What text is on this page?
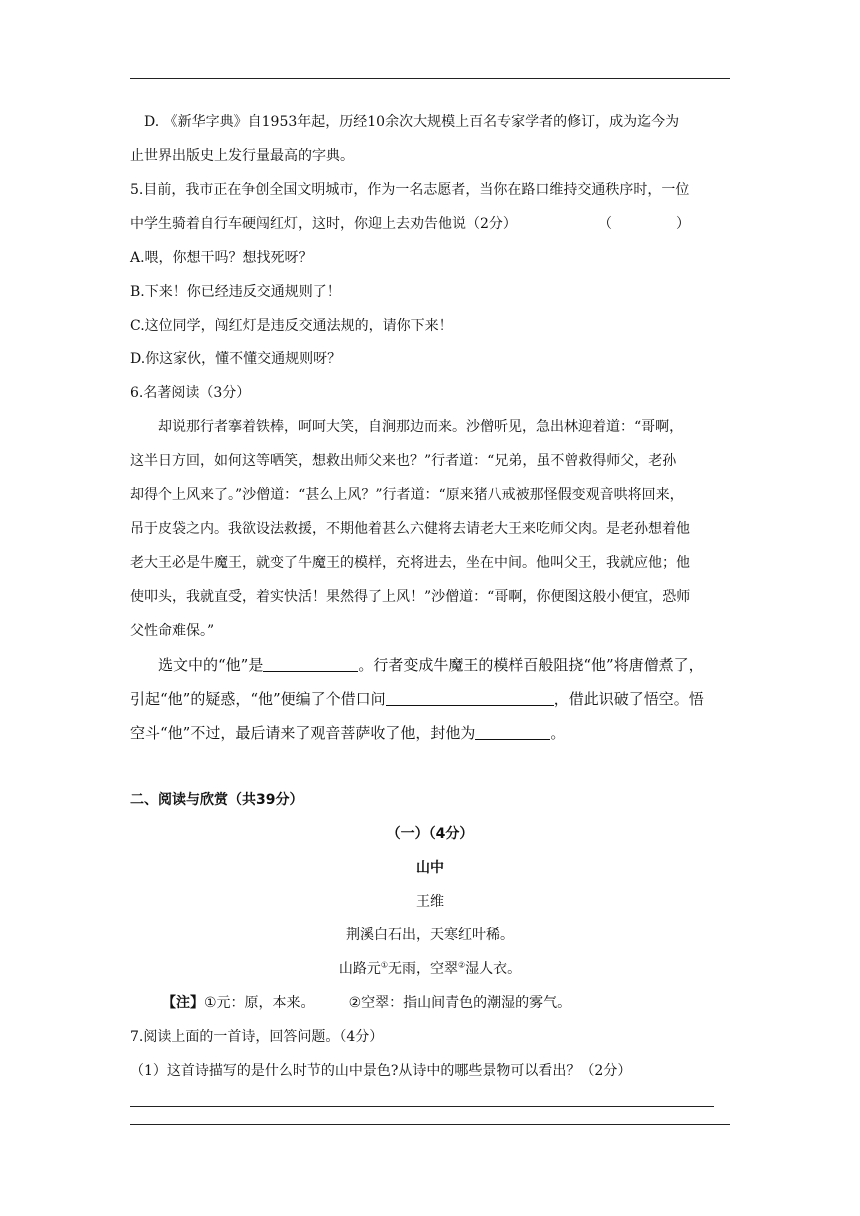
D. 《新华字典》自1953年起，历经10余次大规模上百名专家学者的修订，成为迄今为
止世界出版史上发行量最高的字典。
5.目前，我市正在争创全国文明城市，作为一名志愿者，当你在路口维持交通秩序时，一位
中学生骑着自行车硬闯红灯，这时，你迎上去劝告他说（2分）	（	）
A.喂，你想干吗？想找死呀？
B.下来！你已经违反交通规则了！
C.这位同学，闯红灯是违反交通法规的，请你下来！
D.你这家伙，懂不懂交通规则呀？
6.名著阅读（3分）
却说那行者搴着铁棒，呵呵大笑，自涧那边而来。沙僧听见，急出林迎着道：“哥啊，
这半日方回，如何这等哂笑，想救出师父来也？”行者道：“兄弟，虽不曾救得师父，老孙
却得个上风来了。”沙僧道：“甚么上风？”行者道：“原来猪八戒被那怪假变观音哄将回来，
吊于皮袋之内。我欲设法救援，不期他着甚么六健将去请老大王来吃师父肉。是老孙想着他
老大王必是牛魔王，就变了牛魔王的模样，充将进去，坐在中间。他叫父王，我就应他；他
使叩头，我就直受，着实快活！果然得了上风！”沙僧道：“哥啊，你便图这般小便宜，恐师
父性命难保。”
选文中的“他”是	。行者变成牛魔王的模样百般阻挠“他”将唐僧煮了，
引起“他”的疑惑，“他”便编了个借口问	，借此识破了悟空。悟
空斗“他”不过，最后请来了观音菩萨收了他，封他为	。
二、阅读与欣赏（共39分）
（一）（4分）
山中
王维
荆溪白石出，天寒红叶稀。
山路元①无雨，空翠②湿人衣。
【注】①元：原，本来。 ②空翠：指山间青色的潮湿的雾气。
7.阅读上面的一首诗，回答问题。（4分）
（1）这首诗描写的是什么时节的山中景色?从诗中的哪些景物可以看出？（2分）
